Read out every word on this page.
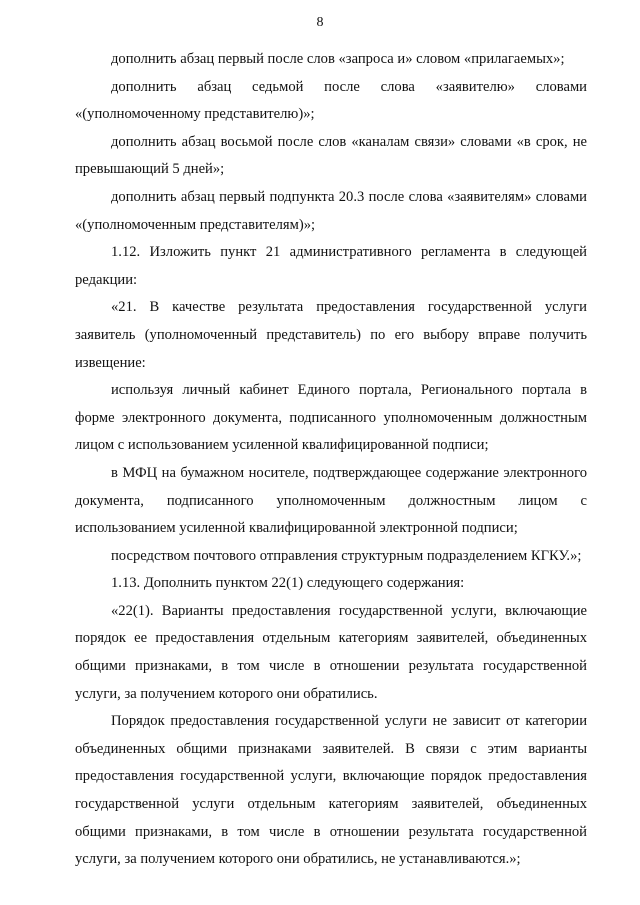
8

дополнить абзац первый после слов «запроса и» словом «прилагаемых»;

дополнить абзац седьмой после слова «заявителю» словами «(уполномоченному представителю)»;

дополнить абзац восьмой после слов «каналам связи» словами «в срок, не превышающий 5 дней»;

дополнить абзац первый подпункта 20.3 после слова «заявителям» словами «(уполномоченным представителям)»;

1.12. Изложить пункт 21 административного регламента в следующей редакции:

«21. В качестве результата предоставления государственной услуги заявитель (уполномоченный представитель) по его выбору вправе получить извещение:

используя личный кабинет Единого портала, Регионального портала в форме электронного документа, подписанного уполномоченным должностным лицом с использованием усиленной квалифицированной подписи;

в МФЦ на бумажном носителе, подтверждающее содержание электронного документа, подписанного уполномоченным должностным лицом с использованием усиленной квалифицированной электронной подписи;

посредством почтового отправления структурным подразделением КГКУ.»;

1.13. Дополнить пунктом 22(1) следующего содержания:

«22(1). Варианты предоставления государственной услуги, включающие порядок ее предоставления отдельным категориям заявителей, объединенных общими признаками, в том числе в отношении результата государственной услуги, за получением которого они обратились.

Порядок предоставления государственной услуги не зависит от категории объединенных общими признаками заявителей. В связи с этим варианты предоставления государственной услуги, включающие порядок предоставления государственной услуги отдельным категориям заявителей, объединенных общими признаками, в том числе в отношении результата государственной услуги, за получением которого они обратились, не устанавливаются.»;
